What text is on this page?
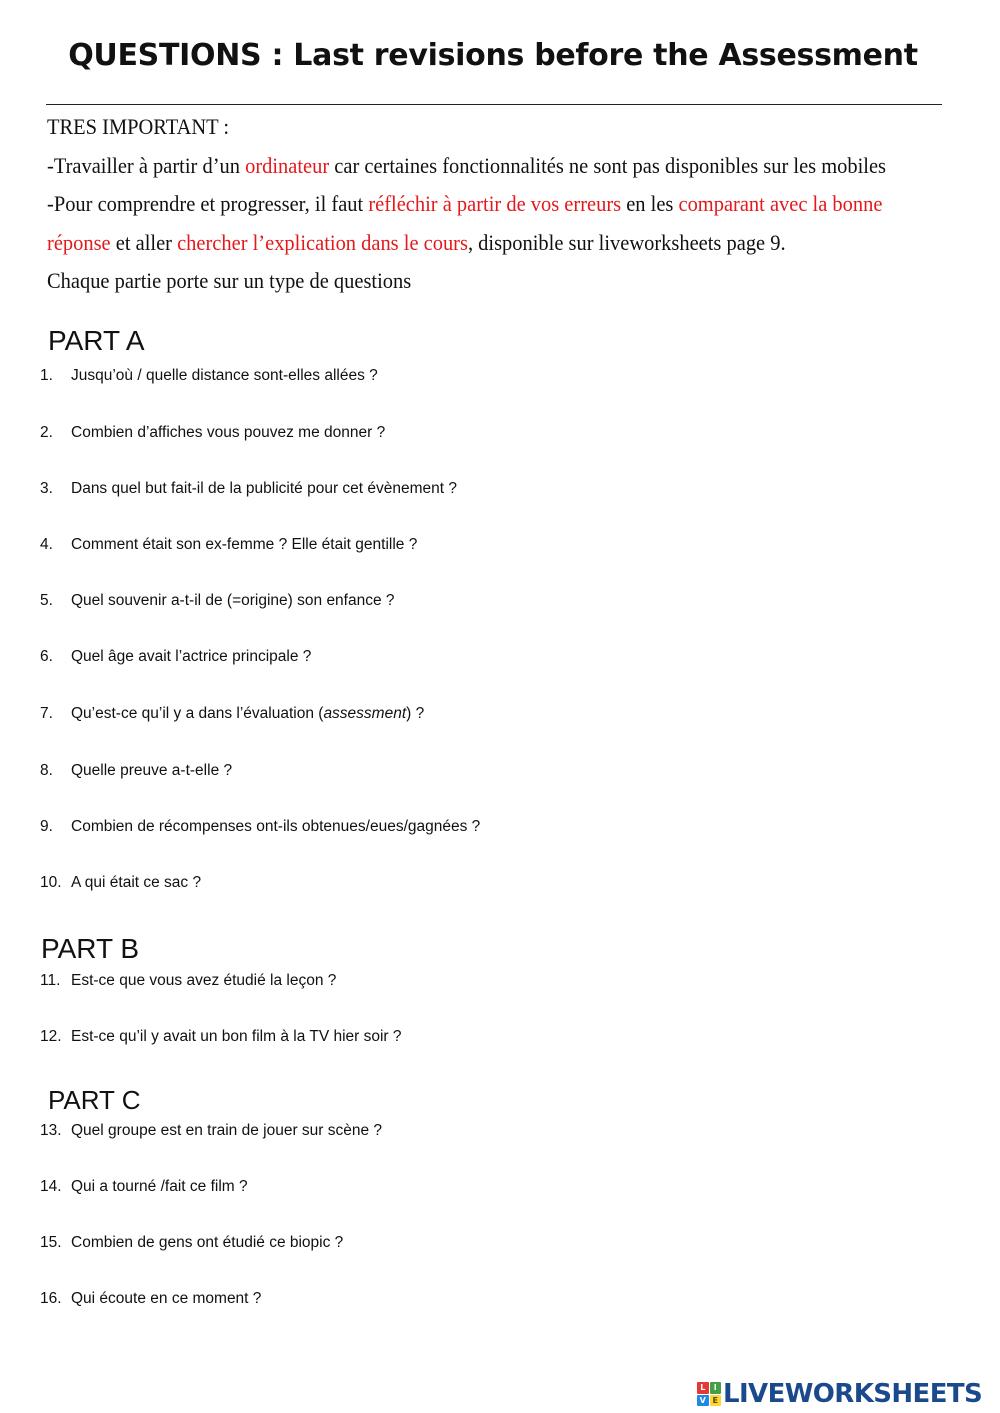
QUESTIONS : Last revisions before the Assessment
TRES IMPORTANT :
-Travailler à partir d’un ordinateur car certaines fonctionnalités ne sont pas disponibles sur les mobiles
-Pour comprendre et progresser, il faut réfléchir à partir de vos erreurs en les comparant avec la bonne
réponse et aller chercher l’explication dans le cours, disponible sur liveworksheets page 9.
Chaque partie porte sur un type de questions
PART A
1. Jusqu’où / quelle distance sont-elles allées ?
2. Combien d’affiches vous pouvez me donner ?
3. Dans quel but fait-il de la publicité pour cet évènement ?
4. Comment était son ex-femme ? Elle était gentille ?
5. Quel souvenir a-t-il de (=origine) son enfance ?
6. Quel âge avait l’actrice principale ?
7. Qu’est-ce qu’il y a dans l’évaluation (assessment) ?
8. Quelle preuve a-t-elle ?
9. Combien de récompenses ont-ils obtenues/eues/gagnées ?
10. A qui était ce sac ?
PART B
11. Est-ce que vous avez étudié la leçon ?
12. Est-ce qu’il y avait un bon film à la TV hier soir ?
PART C
13. Quel groupe est en train de jouer sur scène ?
14. Qui a tourné /fait ce film ?
15. Combien de gens ont étudié ce biopic ?
16. Qui écoute en ce moment ?
L	I
V E LIVEWORKSHEETS
